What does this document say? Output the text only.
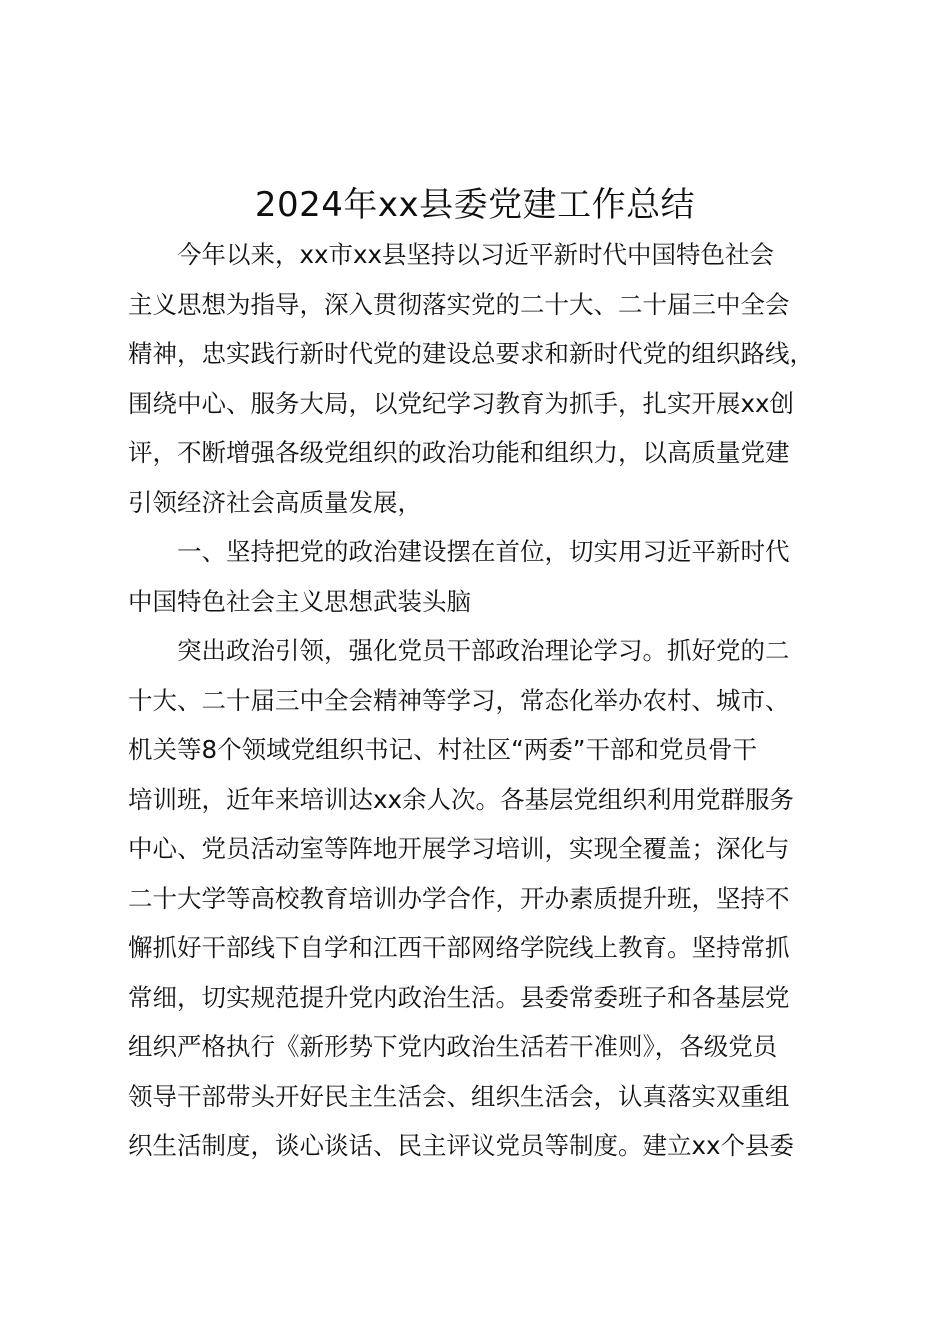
2024年xx县委党建工作总结
今年以来，xx市xx县坚持以习近平新时代中国特色社会
主义思想为指导，深入贯彻落实党的二十大、二十届三中全会
精神，忠实践行新时代党的建设总要求和新时代党的组织路线，
围绕中心、服务大局，以党纪学习教育为抓手，扎实开展xx创
评，不断增强各级党组织的政治功能和组织力，以高质量党建
引领经济社会高质量发展，
一、坚持把党的政治建设摆在首位，切实用习近平新时代
中国特色社会主义思想武装头脑
突出政治引领，强化党员干部政治理论学习。抓好党的二
十大、二十届三中全会精神等学习，常态化举办农村、城市、
机关等8个领域党组织书记、村社区“两委”干部和党员骨干
培训班，近年来培训达xx余人次。各基层党组织利用党群服务
中心、党员活动室等阵地开展学习培训，实现全覆盖；深化与
二十大学等高校教育培训办学合作，开办素质提升班，坚持不
懈抓好干部线下自学和江西干部网络学院线上教育。坚持常抓
常细，切实规范提升党内政治生活。县委常委班子和各基层党
组织严格执行《新形势下党内政治生活若干准则》，各级党员
领导干部带头开好民主生活会、组织生活会，认真落实双重组
织生活制度，谈心谈话、民主评议党员等制度。建立xx个县委
